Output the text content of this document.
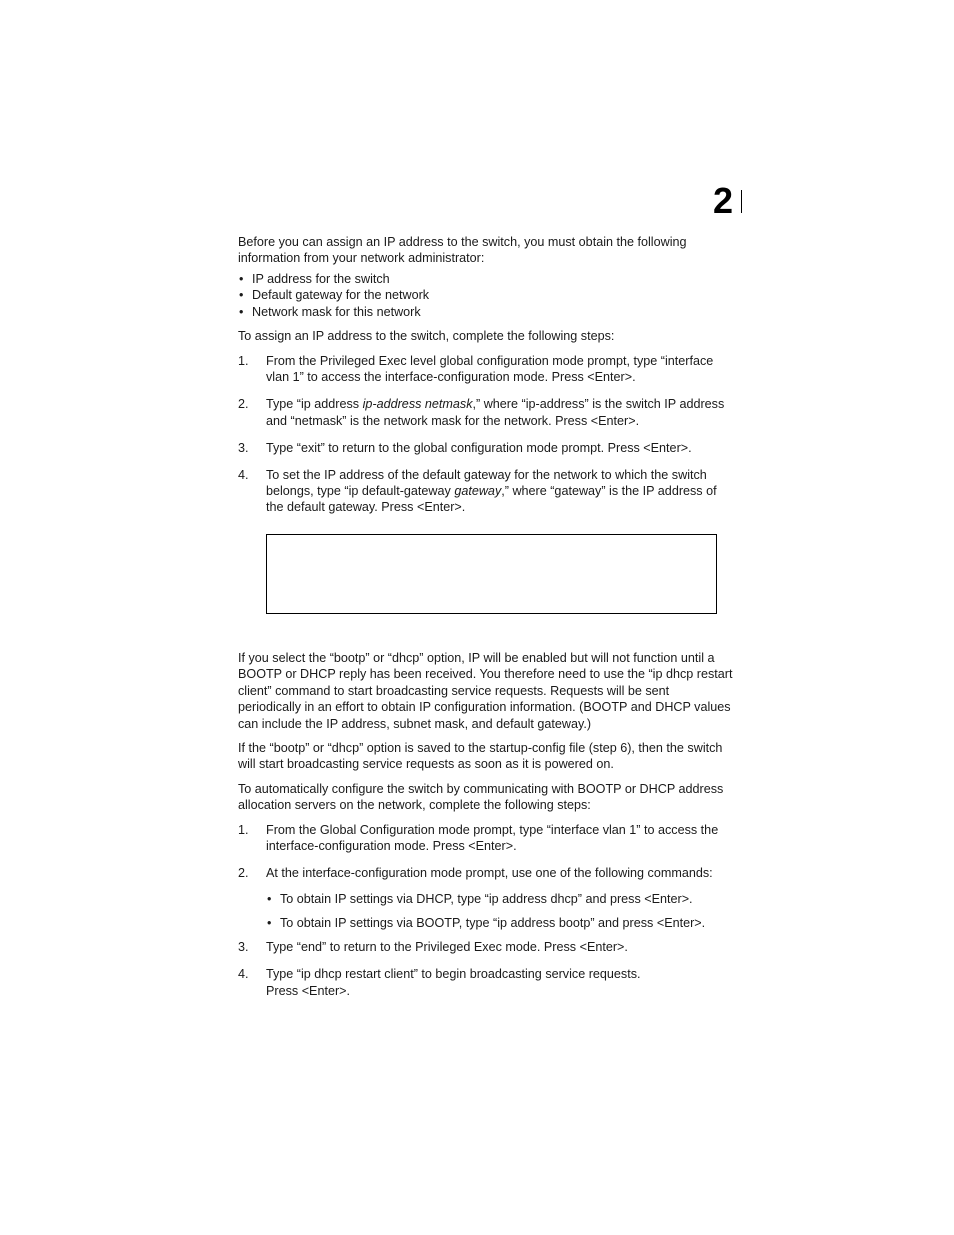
2

Before you can assign an IP address to the switch, you must obtain the following information from your network administrator:

• IP address for the switch
• Default gateway for the network
• Network mask for this network

To assign an IP address to the switch, complete the following steps:

1.	From the Privileged Exec level global configuration mode prompt, type “interface vlan 1” to access the interface-configuration mode. Press <Enter>.
2.	Type “ip address ip-address netmask,” where “ip-address” is the switch IP address and “netmask” is the network mask for the network. Press <Enter>.
3.	Type “exit” to return to the global configuration mode prompt. Press <Enter>.
4.	To set the IP address of the default gateway for the network to which the switch belongs, type “ip default-gateway gateway,” where “gateway” is the IP address of the default gateway. Press <Enter>.

If you select the “bootp” or “dhcp” option, IP will be enabled but will not function until a BOOTP or DHCP reply has been received. You therefore need to use the “ip dhcp restart client” command to start broadcasting service requests. Requests will be sent periodically in an effort to obtain IP configuration information. (BOOTP and DHCP values can include the IP address, subnet mask, and default gateway.)

If the “bootp” or “dhcp” option is saved to the startup-config file (step 6), then the switch will start broadcasting service requests as soon as it is powered on.

To automatically configure the switch by communicating with BOOTP or DHCP address allocation servers on the network, complete the following steps:

1.	From the Global Configuration mode prompt, type “interface vlan 1” to access the interface-configuration mode. Press <Enter>.
2.	At the interface-configuration mode prompt, use one of the following commands:
• To obtain IP settings via DHCP, type “ip address dhcp” and press <Enter>.
• To obtain IP settings via BOOTP, type “ip address bootp” and press <Enter>.
3.	Type “end” to return to the Privileged Exec mode. Press <Enter>.
4.	Type “ip dhcp restart client” to begin broadcasting service requests.
Press <Enter>.
